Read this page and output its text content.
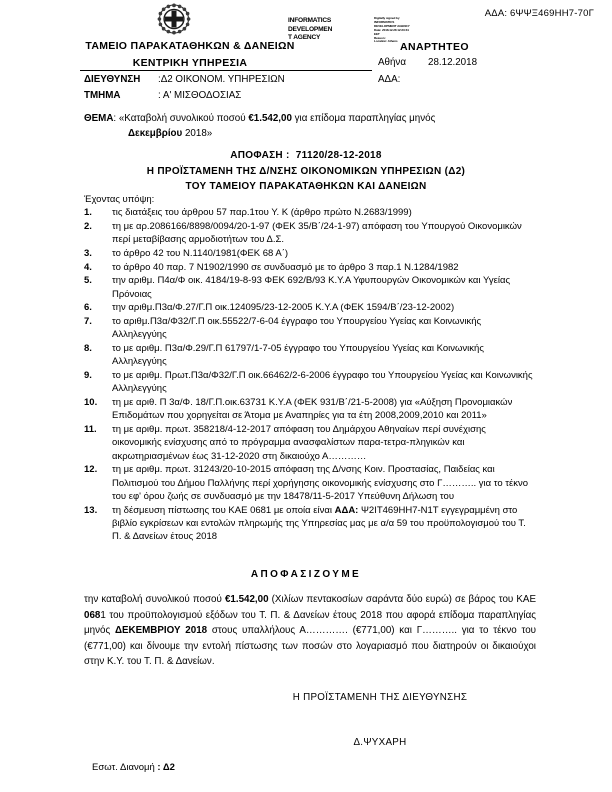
ΑΔΑ: 6ΨΨΞ469ΗΗ7-70Γ
INFORMATICS
DEVELOPMEN
T AGENCY
Digitally signed by
INFORMATICS
DEVELOPMENT AGENCY
Date: 2018.12.28 12:23:31
EET
Reason:
Location: Athens
ΤΑΜΕΙΟ ΠΑΡΑΚΑΤΑΘΗΚΩΝ & ΔΑΝΕΙΩΝ
ΚΕΝΤΡΙΚΗ ΥΠΗΡΕΣΙΑ
ΔΙΕΥΘΥΝΣΗ :Δ2 ΟΙΚΟΝΟΜ. ΥΠΗΡΕΣΙΩΝ
ΤΜΗΜΑ	: Α' ΜΙΣΘΟΔΟΣΙΑΣ
ΑΝΑΡΤΗΤΕΟ
Αθήνα 28.12.2018
ΑΔΑ:
ΘΕΜΑ: «Καταβολή συνολικού ποσού €1.542,00 για επίδομα παραπληγίας μηνός
Δεκεμβρίου 2018»
ΑΠΟΦΑΣΗ : 71120/28-12-2018
Η ΠΡΟΪΣΤΑΜΕΝΗ ΤΗΣ Δ/ΝΣΗΣ ΟΙΚΟΝΟΜΙΚΩΝ ΥΠΗΡΕΣΙΩΝ (Δ2)
ΤΟΥ ΤΑΜΕΙΟΥ ΠΑΡΑΚΑΤΑΘΗΚΩΝ ΚΑΙ ΔΑΝΕΙΩΝ
Έχοντας υπόψη:
1.	τις διατάξεις του άρθρου 57 παρ.1του Υ. Κ (άρθρο πρώτο Ν.2683/1999)
2.	τη με αρ.2086166/8898/0094/20-1-97 (ΦΕΚ 35/Β΄/24-1-97) απόφαση του Υπουργού Οικονομικών περί μεταβίβασης αρμοδιοτήτων του Δ.Σ.
3.	το άρθρο 42 του Ν.1140/1981(ΦΕΚ 68 Α΄)
4.	το άρθρο 40 παρ. 7 Ν1902/1990 σε συνδυασμό με το άρθρο 3 παρ.1 Ν.1284/1982
5.	την αριθμ. Π4α/Φ οικ. 4184/19-8-93 ΦΕΚ 692/Β/93 Κ.Υ.Α Υφυπουργών Οικονομικών και Υγείας Πρόνοιας
6.	την αριθμ.Π3α/Φ.27/Γ.Π οικ.124095/23-12-2005 Κ.Υ.Α (ΦΕΚ 1594/Β΄/23-12-2002)
7.	το αριθμ.Π3α/Φ32/Γ.Π οικ.55522/7-6-04 έγγραφο του Υπουργείου Υγείας και Κοινωνικής Αλληλεγγύης
8.	το με αριθμ. Π3α/Φ.29/Γ.Π 61797/1-7-05 έγγραφο του Υπουργείου Υγείας και Κοινωνικής Αλληλεγγύης
9.	το με αριθμ. Πρωτ.Π3α/Φ32/Γ.Π οικ.66462/2-6-2006 έγγραφο του Υπουργείου Υγείας και Κοινωνικής Αλληλεγγύης
10.	τη με αριθ. Π 3α/Φ. 18/Γ.Π.οικ.63731 Κ.Υ.Α (ΦΕΚ 931/Β΄/21-5-2008) για «Αύξηση Προνομιακών Επιδομάτων που χορηγείται σε Άτομα με Αναπηρίες για τα έτη 2008,2009,2010 και 2011»
11.	τη με αριθμ. πρωτ. 358218/4-12-2017 απόφαση του Δημάρχου Αθηναίων περί συνέχισης οικονομικής ενίσχυσης από το πρόγραμμα ανασφαλίστων παρα-τετρα-πληγικών και ακρωτηριασμένων έως 31-12-2020 στη δικαιούχο Α…………
12.	τη με αριθμ. πρωτ. 31243/20-10-2015 απόφαση της Δ/νσης Κοιν. Προστασίας, Παιδείας και Πολιτισμού του Δήμου Παλλήνης περί χορήγησης οικονομικής ενίσχυσης στο Γ……….. για το τέκνο του εφ' όρου ζωής σε συνδυασμό με την 18478/11-5-2017 Υπεύθυνη Δήλωση του
13.	τη δέσμευση πίστωσης του ΚΑΕ 0681 με οποία είναι ΑΔΑ: Ψ2ΙΤ469ΗΗ7-Ν1Τ εγγεγραμμένη στο βιβλίο εγκρίσεων και εντολών πληρωμής της Υπηρεσίας μας με α/α 59 του προϋπολογισμού του Τ. Π. & Δανείων έτους 2018
ΑΠΟΦΑΣΙΖΟΥΜΕ
την καταβολή συνολικού ποσού €1.542,00 (Χιλίων πεντακοσίων σαράντα δύο ευρώ) σε βάρος του ΚΑΕ 0681 του προϋπολογισμού εξόδων του Τ. Π. & Δανείων έτους 2018 που αφορά επίδομα παραπληγίας μηνός ΔΕΚΕΜΒΡΙΟΥ 2018 στους υπαλλήλους Α…………. (€771,00) και Γ……….. για το τέκνο του (€771,00) και δίνουμε την εντολή πίστωσης των ποσών στο λογαριασμό που διατηρούν οι δικαιούχοι στην Κ.Υ. του Τ. Π. & Δανείων.
Η ΠΡΟΪΣΤΑΜΕΝΗ ΤΗΣ ΔΙΕΥΘΥΝΣΗΣ
Δ.ΨΥΧΑΡΗ
Εσωτ. Διανομή : Δ2
